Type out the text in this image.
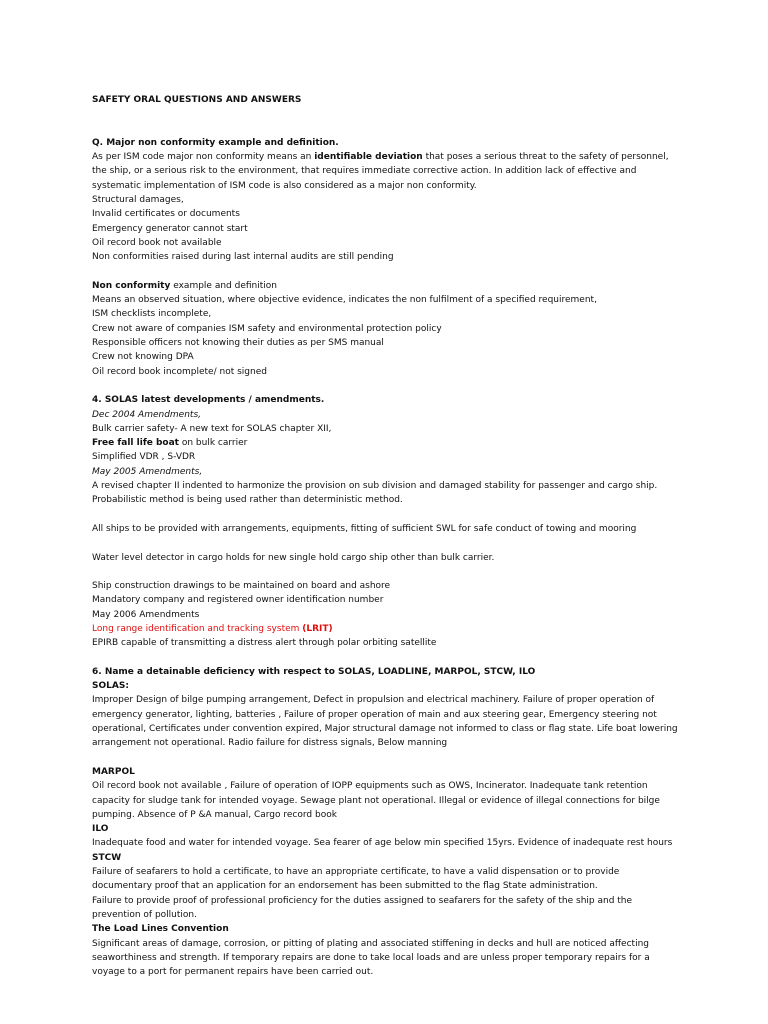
SAFETY ORAL QUESTIONS AND ANSWERS
Q. Major non conformity example and definition.
As per ISM code major non conformity means an identifiable deviation that poses a serious threat to the safety of personnel, the ship, or a serious risk to the environment, that requires immediate corrective action. In addition lack of effective and systematic implementation of ISM code is also considered as a major non conformity.
Structural damages,
Invalid certificates or documents
Emergency generator cannot start
Oil record book not available
Non conformities raised during last internal audits are still pending
Non conformity example and definition
Means an observed situation, where objective evidence, indicates the non fulfilment of a specified requirement,
ISM checklists incomplete,
Crew not aware of companies ISM safety and environmental protection policy
Responsible officers not knowing their duties as per SMS manual
Crew not knowing DPA
Oil record book incomplete/ not signed
4. SOLAS latest developments / amendments.
Dec 2004 Amendments,
Bulk carrier safety- A new text for SOLAS chapter XII,
Free fall life boat on bulk carrier
Simplified VDR , S-VDR
May 2005 Amendments,
A revised chapter II indented to harmonize the provision on sub division and damaged stability for passenger and cargo ship.
Probabilistic method is being used rather than deterministic method.
All ships to be provided with arrangements, equipments, fitting of sufficient SWL for safe conduct of towing and mooring
Water level detector in cargo holds for new single hold cargo ship other than bulk carrier.
Ship construction drawings to be maintained on board and ashore
Mandatory company and registered owner identification number
May 2006 Amendments
Long range identification and tracking system (LRIT)
EPIRB capable of transmitting a distress alert through polar orbiting satellite
6. Name a detainable deficiency with respect to SOLAS, LOADLINE, MARPOL, STCW, ILO
SOLAS:
Improper Design of bilge pumping arrangement, Defect in propulsion and electrical machinery. Failure of proper operation of emergency generator, lighting, batteries , Failure of proper operation of main and aux steering gear, Emergency steering not operational, Certificates under convention expired, Major structural damage not informed to class or flag state. Life boat lowering arrangement not operational. Radio failure for distress signals, Below manning
MARPOL
Oil record book not available , Failure of operation of IOPP equipments such as OWS, Incinerator. Inadequate tank retention capacity for sludge tank for intended voyage. Sewage plant not operational. Illegal or evidence of illegal connections for bilge pumping. Absence of P &A manual, Cargo record book
ILO
Inadequate food and water for intended voyage. Sea fearer of age below min specified 15yrs. Evidence of inadequate rest hours
STCW
Failure of seafarers to hold a certificate, to have an appropriate certificate, to have a valid dispensation or to provide documentary proof that an application for an endorsement has been submitted to the flag State administration.
Failure to provide proof of professional proficiency for the duties assigned to seafarers for the safety of the ship and the prevention of pollution.
The Load Lines Convention
Significant areas of damage, corrosion, or pitting of plating and associated stiffening in decks and hull are noticed affecting seaworthiness and strength. If temporary repairs are done to take local loads and are unless proper temporary repairs for a voyage to a port for permanent repairs have been carried out.
